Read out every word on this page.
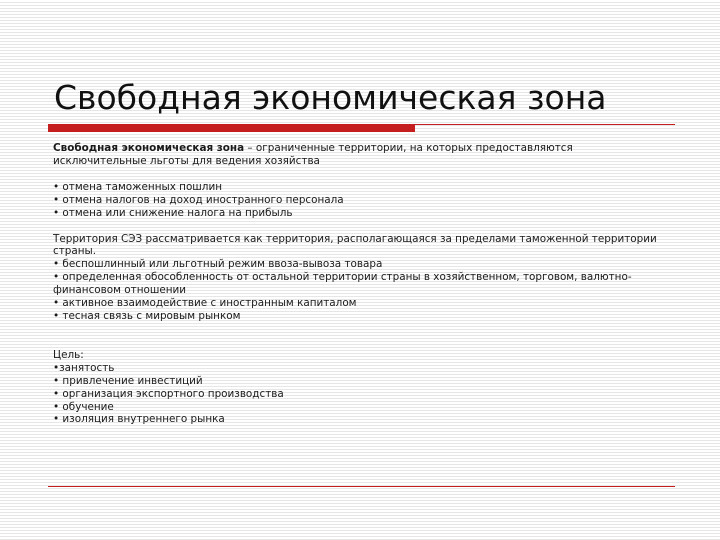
Свободная экономическая зона

Свободная экономическая зона – ограниченные территории, на которых предоставляются исключительные льготы для ведения хозяйства

• отмена таможенных пошлин

• отмена налогов на доход иностранного персонала

• отмена или снижение налога на прибыль

Территория СЭЗ рассматривается как территория, располагающаяся за пределами таможенной территории страны.

• беспошлинный или льготный режим ввоза-вывоза товара

• определенная обособленность от остальной территории страны в хозяйственном, торговом, валютно-финансовом отношении

• активное взаимодействие с иностранным капиталом

• тесная связь с мировым рынком

Цель:

•занятость

• привлечение инвестиций

• организация экспортного производства

• обучение

• изоляция внутреннего рынка
